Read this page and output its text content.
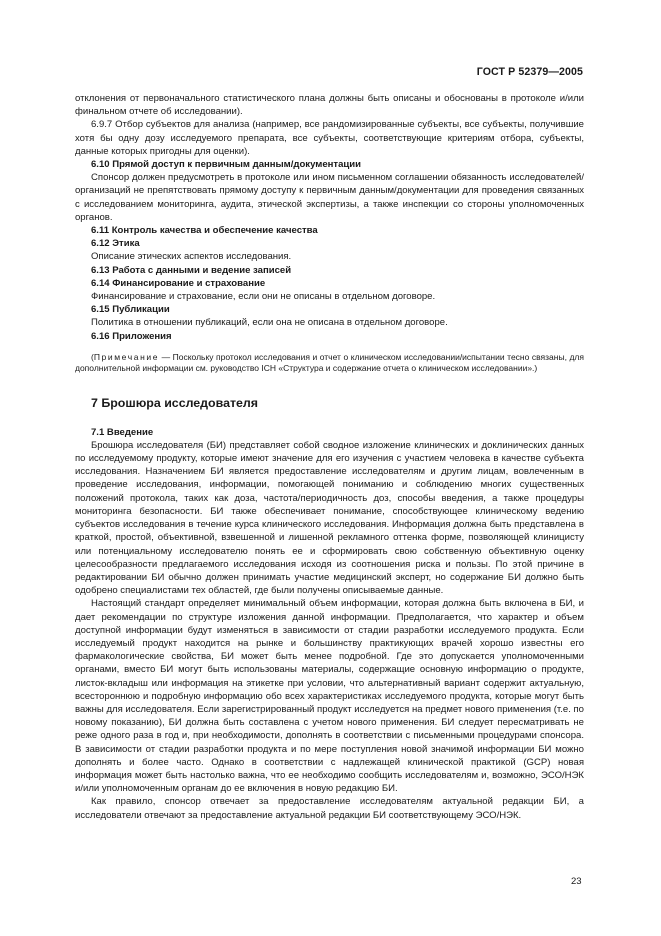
ГОСТ Р 52379—2005

отклонения от первоначального статистического плана должны быть описаны и обоснованы в протоколе и/или финальном отчете об исследовании).

6.9.7 Отбор субъектов для анализа (например, все рандомизированные субъекты, все субъекты, получившие хотя бы одну дозу исследуемого препарата, все субъекты, соответствующие критериям отбора, субъекты, данные которых пригодны для оценки).

6.10 Прямой доступ к первичным данным/документации

Спонсор должен предусмотреть в протоколе или ином письменном соглашении обязанность исследователей/организаций не препятствовать прямому доступу к первичным данным/документации для проведения связанных с исследованием мониторинга, аудита, этической экспертизы, а также инспекции со стороны уполномоченных органов.

6.11 Контроль качества и обеспечение качества

6.12 Этика

Описание этических аспектов исследования.

6.13 Работа с данными и ведение записей

6.14 Финансирование и страхование

Финансирование и страхование, если они не описаны в отдельном договоре.

6.15 Публикации

Политика в отношении публикаций, если она не описана в отдельном договоре.

6.16 Приложения

(Примечание — Поскольку протокол исследования и отчет о клиническом исследовании/испытании тесно связаны, для дополнительной информации см. руководство ICH «Структура и содержание отчета о клиническом исследовании».)

7 Брошюра исследователя

7.1 Введение

Брошюра исследователя (БИ) представляет собой сводное изложение клинических и доклинических данных по исследуемому продукту, которые имеют значение для его изучения с участием человека в качестве субъекта исследования. Назначением БИ является предоставление исследователям и другим лицам, вовлеченным в проведение исследования, информации, помогающей пониманию и соблюдению многих существенных положений протокола, таких как доза, частота/периодичность доз, способы введения, а также процедуры мониторинга безопасности. БИ также обеспечивает понимание, способствующее клиническому ведению субъектов исследования в течение курса клинического исследования. Информация должна быть представлена в краткой, простой, объективной, взвешенной и лишенной рекламного оттенка форме, позволяющей клиницисту или потенциальному исследователю понять ее и сформировать свою собственную объективную оценку целесообразности предлагаемого исследования исходя из соотношения риска и пользы. По этой причине в редактировании БИ обычно должен принимать участие медицинский эксперт, но содержание БИ должно быть одобрено специалистами тех областей, где были получены описываемые данные.

Настоящий стандарт определяет минимальный объем информации, которая должна быть включена в БИ, и дает рекомендации по структуре изложения данной информации. Предполагается, что характер и объем доступной информации будут изменяться в зависимости от стадии разработки исследуемого продукта. Если исследуемый продукт находится на рынке и большинству практикующих врачей хорошо известны его фармакологические свойства, БИ может быть менее подробной. Где это допускается уполномоченными органами, вместо БИ могут быть использованы материалы, содержащие основную информацию о продукте, листок-вкладыш или информация на этикетке при условии, что альтернативный вариант содержит актуальную, всестороннюю и подробную информацию обо всех характеристиках исследуемого продукта, которые могут быть важны для исследователя. Если зарегистрированный продукт исследуется на предмет нового применения (т.е. по новому показанию), БИ должна быть составлена с учетом нового применения. БИ следует пересматривать не реже одного раза в год и, при необходимости, дополнять в соответствии с письменными процедурами спонсора. В зависимости от стадии разработки продукта и по мере поступления новой значимой информации БИ можно дополнять и более часто. Однако в соответствии с надлежащей клинической практикой (GCP) новая информация может быть настолько важна, что ее необходимо сообщить исследователям и, возможно, ЭСО/НЭК и/или уполномоченным органам до ее включения в новую редакцию БИ.

Как правило, спонсор отвечает за предоставление исследователям актуальной редакции БИ, а исследователи отвечают за предоставление актуальной редакции БИ соответствующему ЭСО/НЭК.

23
